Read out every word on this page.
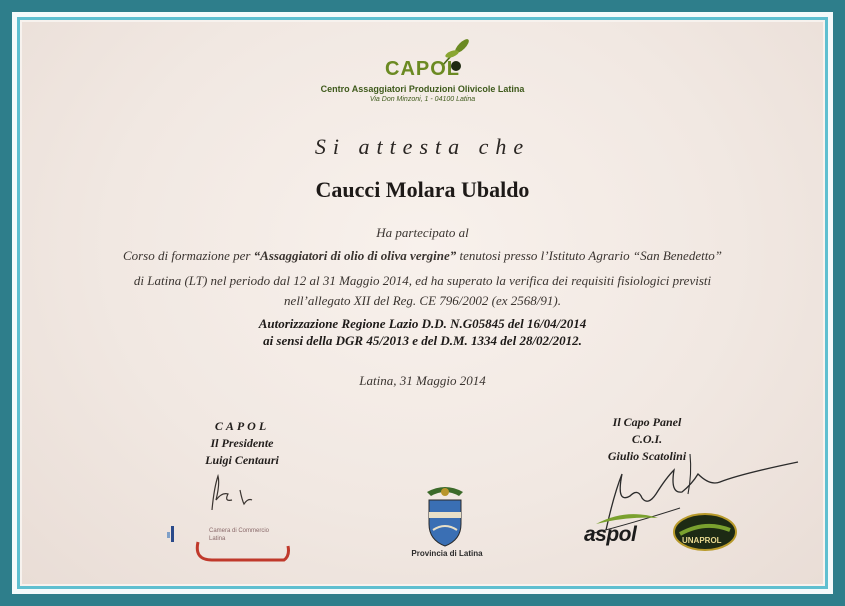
CAPOL
Centro Assaggiatori Produzioni Olivicole Latina
Via Don Minzoni, 1 - 04100 Latina
Si attesta che
Caucci Molara Ubaldo
Ha partecipato al
Corso di formazione per “Assaggiatori di olio di oliva vergine” tenutosi presso l’Istituto Agrario “San Benedetto”
di Latina (LT) nel periodo dal 12 al 31 Maggio 2014, ed ha superato la verifica dei requisiti fisiologici previsti
nell’allegato XII del Reg. CE 796/2002 (ex 2568/91).
Autorizzazione Regione Lazio D.D. N.G05845 del 16/04/2014
ai sensi della DGR 45/2013 e del D.M. 1334 del 28/02/2012.
Latina, 31 Maggio 2014
CAPOL
Il Presidente
Luigi Centauri
Il Capo Panel
C.O.I.
Giulio Scatolini
Camera di Commercio
Latina
Provincia di Latina
aspol	UNAPROL
